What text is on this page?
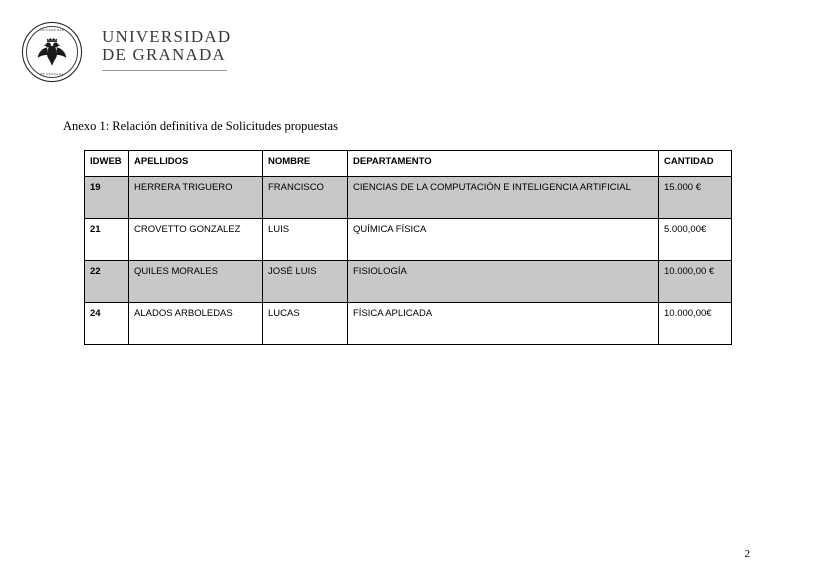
UNIVERSIDAD
DE GRANADA
UNIVERSIDAD
DE GRANADA
Anexo 1: Relación definitiva de Solicitudes propuestas
IDWEB	APELLIDOS	NOMBRE	DEPARTAMENTO	CANTIDAD
19	HERRERA TRIGUERO	FRANCISCO	CIENCIAS DE LA COMPUTACIÓN E INTELIGENCIA ARTIFICIAL	15.000 €
21	CROVETTO GONZALEZ	LUIS	QUÍMICA FÍSICA	5.000,00€
22	QUILES MORALES	JOSÉ LUIS	FISIOLOGÍA	10.000,00 €
24	ALADOS ARBOLEDAS	LUCAS	FÍSICA APLICADA	10.000,00€
2
